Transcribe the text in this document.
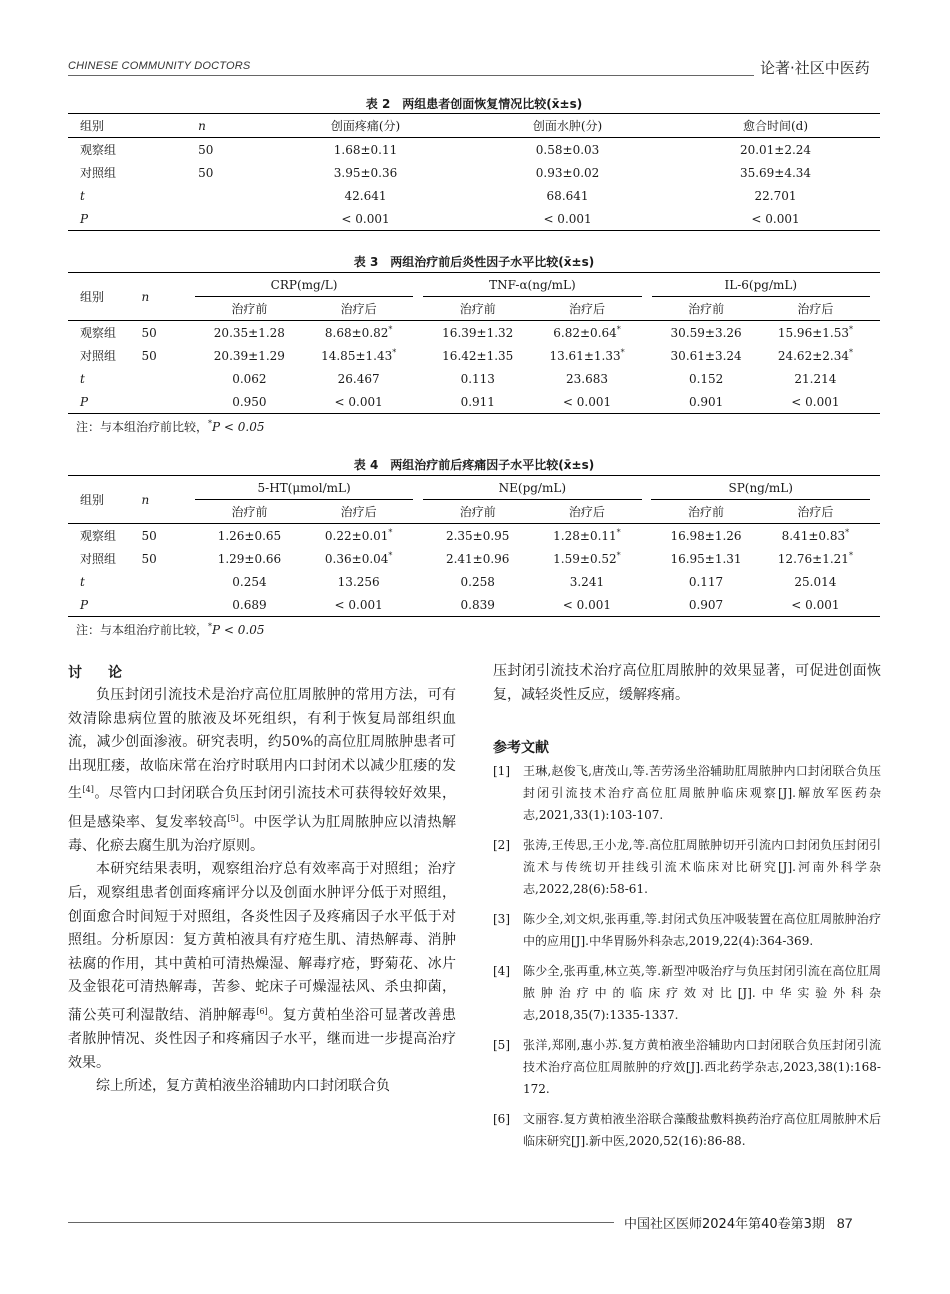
CHINESE COMMUNITY DOCTORS	论著·社区中医药
表 2　两组患者创面恢复情况比较(x̄±s)
组别	n	创面疼痛(分)	创面水肿(分)	愈合时间(d)
观察组	50	1.68±0.11	0.58±0.03	20.01±2.24
对照组	50	3.95±0.36	0.93±0.02	35.69±4.34
t		42.641	68.641	22.701
P		< 0.001	< 0.001	< 0.001
表 3　两组治疗前后炎性因子水平比较(x̄±s)
组别	n		CRP(mg/L)			TNF-α(ng/mL)			IL-6(pg/mL)		
			治疗前	治疗后		治疗前	治疗后		治疗前	治疗后	
观察组	50		20.35±1.28	8.68±0.82*		16.39±1.32	6.82±0.64*		30.59±3.26	15.96±1.53*	
对照组	50		20.39±1.29	14.85±1.43*		16.42±1.35	13.61±1.33*		30.61±3.24	24.62±2.34*	
t			0.062	26.467		0.113	23.683		0.152	21.214	
P			0.950	< 0.001		0.911	< 0.001		0.901	< 0.001	
注：与本组治疗前比较，*P < 0.05
表 4　两组治疗前后疼痛因子水平比较(x̄±s)
组别	n		5-HT(μmol/mL)			NE(pg/mL)			SP(ng/mL)		
			治疗前	治疗后		治疗前	治疗后		治疗前	治疗后	
观察组	50		1.26±0.65	0.22±0.01*		2.35±0.95	1.28±0.11*		16.98±1.26	8.41±0.83*	
对照组	50		1.29±0.66	0.36±0.04*		2.41±0.96	1.59±0.52*		16.95±1.31	12.76±1.21*	
t			0.254	13.256		0.258	3.241		0.117	25.014	
P			0.689	< 0.001		0.839	< 0.001		0.907	< 0.001	
注：与本组治疗前比较，*P < 0.05
讨　论

负压封闭引流技术是治疗高位肛周脓肿的常用方法，可有效清除患病位置的脓液及坏死组织，有利于恢复局部组织血流，减少创面渗液。研究表明，约50%的高位肛周脓肿患者可出现肛瘘，故临床常在治疗时联用内口封闭术以减少肛瘘的发生[4]。尽管内口封闭联合负压封闭引流技术可获得较好效果，但是感染率、复发率较高[5]。中医学认为肛周脓肿应以清热解毒、化瘀去腐生肌为治疗原则。

本研究结果表明，观察组治疗总有效率高于对照组；治疗后，观察组患者创面疼痛评分以及创面水肿评分低于对照组，创面愈合时间短于对照组，各炎性因子及疼痛因子水平低于对照组。分析原因：复方黄柏液具有疗疮生肌、清热解毒、消肿祛腐的作用，其中黄柏可清热燥湿、解毒疗疮，野菊花、冰片及金银花可清热解毒，苦参、蛇床子可燥湿祛风、杀虫抑菌，蒲公英可利湿散结、消肿解毒[6]。复方黄柏坐浴可显著改善患者脓肿情况、炎性因子和疼痛因子水平，继而进一步提高治疗效果。

综上所述，复方黄柏液坐浴辅助内口封闭联合负

压封闭引流技术治疗高位肛周脓肿的效果显著，可促进创面恢复，减轻炎性反应，缓解疼痛。

参考文献
[1] 王琳,赵俊飞,唐茂山,等.苦劳汤坐浴辅助肛周脓肿内口封闭联合负压封闭引流技术治疗高位肛周脓肿临床观察[J].解放军医药杂志,2021,33(1):103-107.
[2] 张涛,王传思,王小龙,等.高位肛周脓肿切开引流内口封闭负压封闭引流术与传统切开挂线引流术临床对比研究[J].河南外科学杂志,2022,28(6):58-61.
[3] 陈少全,刘文炽,张再重,等.封闭式负压冲吸装置在高位肛周脓肿治疗中的应用[J].中华胃肠外科杂志,2019,22(4):364-369.
[4] 陈少全,张再重,林立英,等.新型冲吸治疗与负压封闭引流在高位肛周脓肿治疗中的临床疗效对比[J].中华实验外科杂志,2018,35(7):1335-1337.
[5] 张洋,郑刚,惠小苏.复方黄柏液坐浴辅助内口封闭联合负压封闭引流技术治疗高位肛周脓肿的疗效[J].西北药学杂志,2023,38(1):168-172.
[6] 文丽容.复方黄柏液坐浴联合藻酸盐敷料换药治疗高位肛周脓肿术后临床研究[J].新中医,2020,52(16):86-88.
中国社区医师2024年第40卷第3期 87
